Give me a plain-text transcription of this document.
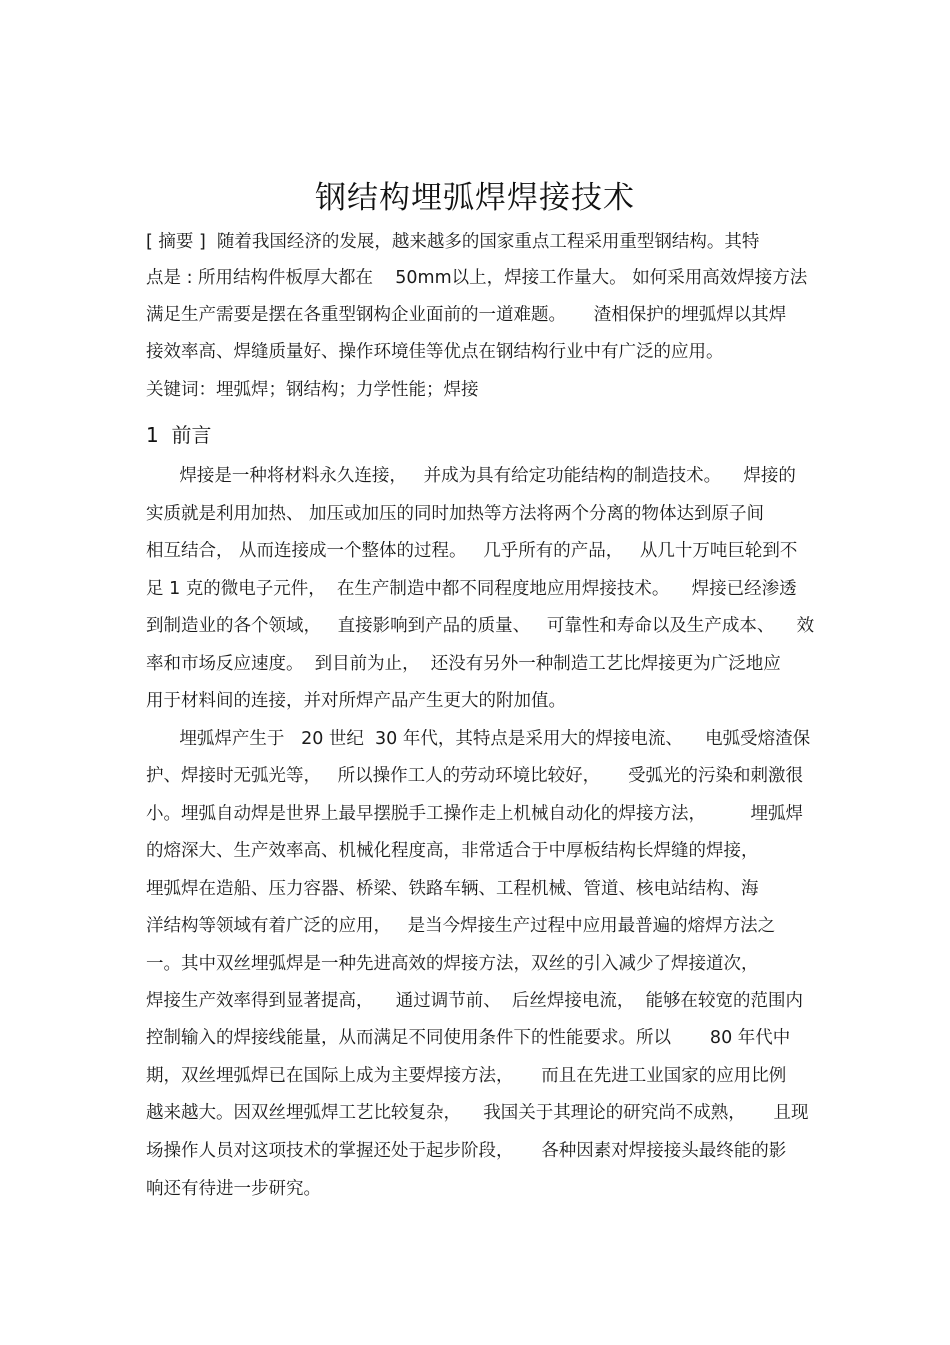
钢结构埋弧焊焊接技术
[ 摘要 ]  随着我国经济的发展，越来越多的国家重点工程采用重型钢结构。其特
点是 : 所用结构件板厚大都在    50mm以上，焊接工作量大。 如何采用高效焊接方法
满足生产需要是摆在各重型钢构企业面前的一道难题。     渣相保护的埋弧焊以其焊
接效率高、焊缝质量好、操作环境佳等优点在钢结构行业中有广泛的应用。
关键词：埋弧焊；钢结构；力学性能；焊接
1  前言
焊接是一种将材料永久连接，   并成为具有给定功能结构的制造技术。    焊接的
实质就是利用加热、 加压或加压的同时加热等方法将两个分离的物体达到原子间
相互结合， 从而连接成一个整体的过程。   几乎所有的产品，   从几十万吨巨轮到不
足 1 克的微电子元件，  在生产制造中都不同程度地应用焊接技术。    焊接已经渗透
到制造业的各个领域，   直接影响到产品的质量、   可靠性和寿命以及生产成本、    效
率和市场反应速度。  到目前为止，  还没有另外一种制造工艺比焊接更为广泛地应
用于材料间的连接，并对所焊产品产生更大的附加值。
埋弧焊产生于   20 世纪  30 年代，其特点是采用大的焊接电流、    电弧受熔渣保
护、焊接时无弧光等，   所以操作工人的劳动环境比较好，     受弧光的污染和刺激很
小。埋弧自动焊是世界上最早摆脱手工操作走上机械自动化的焊接方法，        埋弧焊
的熔深大、生产效率高、机械化程度高，非常适合于中厚板结构长焊缝的焊接，
埋弧焊在造船、压力容器、桥梁、铁路车辆、工程机械、管道、核电站结构、海
洋结构等领域有着广泛的应用，   是当今焊接生产过程中应用最普遍的熔焊方法之
一。其中双丝埋弧焊是一种先进高效的焊接方法，双丝的引入减少了焊接道次，
焊接生产效率得到显著提高，    通过调节前、  后丝焊接电流，  能够在较宽的范围内
控制输入的焊接线能量，从而满足不同使用条件下的性能要求。所以       80 年代中
期，双丝埋弧焊已在国际上成为主要焊接方法，     而且在先进工业国家的应用比例
越来越大。因双丝埋弧焊工艺比较复杂，    我国关于其理论的研究尚不成熟，     且现
场操作人员对这项技术的掌握还处于起步阶段，     各种因素对焊接接头最终能的影
响还有待进一步研究。
